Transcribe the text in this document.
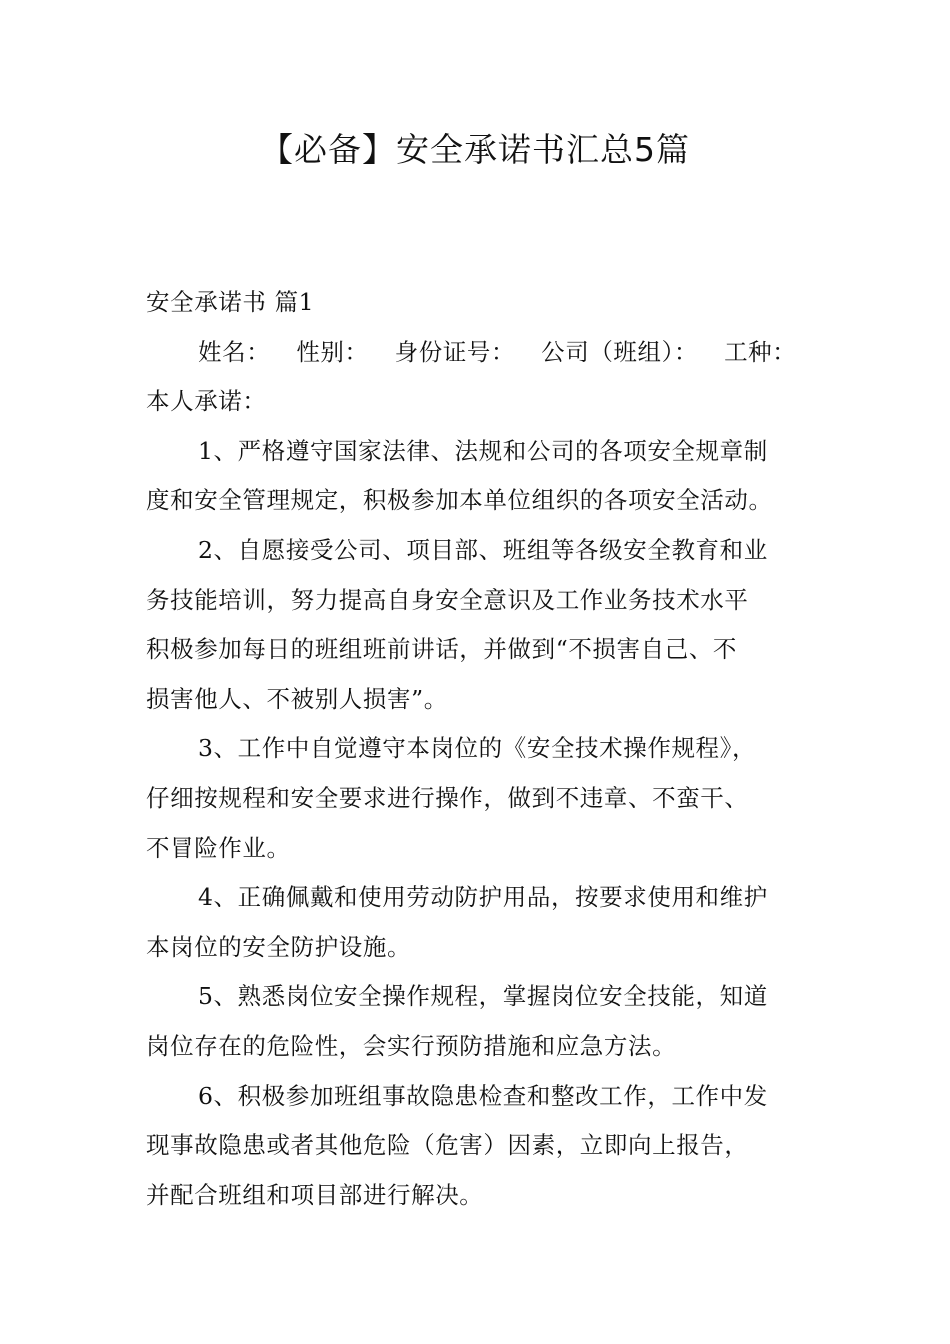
【必备】安全承诺书汇总5篇
安全承诺书 篇1
姓名： 性别： 身份证号： 公司（班组）： 工种：
本人承诺：
1、严格遵守国家法律、法规和公司的各项安全规章制
度和安全管理规定，积极参加本单位组织的各项安全活动。
2、自愿接受公司、项目部、班组等各级安全教育和业
务技能培训，努力提高自身安全意识及工作业务技术水平
积极参加每日的班组班前讲话，并做到“不损害自己、不
损害他人、不被别人损害”。
3、工作中自觉遵守本岗位的《安全技术操作规程》，
仔细按规程和安全要求进行操作，做到不违章、不蛮干、
不冒险作业。
4、正确佩戴和使用劳动防护用品，按要求使用和维护
本岗位的安全防护设施。
5、熟悉岗位安全操作规程，掌握岗位安全技能，知道
岗位存在的危险性，会实行预防措施和应急方法。
6、积极参加班组事故隐患检查和整改工作，工作中发
现事故隐患或者其他危险（危害）因素，立即向上报告，
并配合班组和项目部进行解决。
